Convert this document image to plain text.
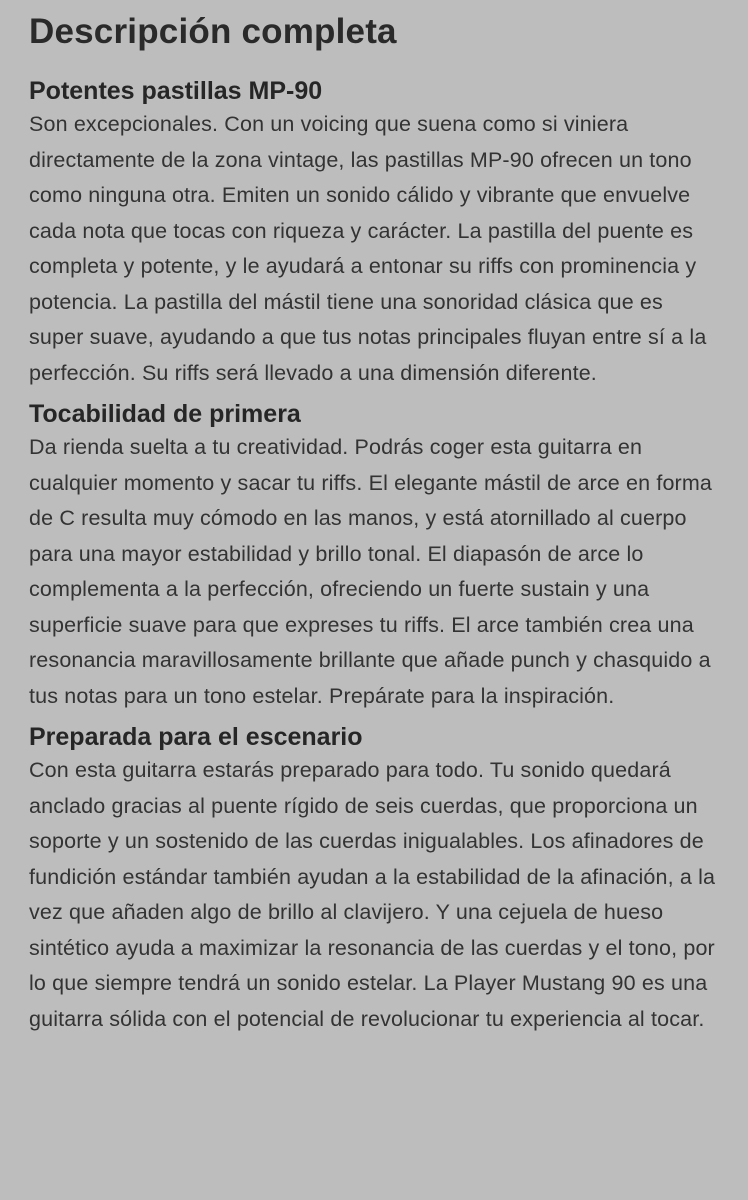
Descripción completa
Potentes pastillas MP-90

Son excepcionales. Con un voicing que suena como si viniera directamente de la zona vintage, las pastillas MP-90 ofrecen un tono como ninguna otra. Emiten un sonido cálido y vibrante que envuelve cada nota que tocas con riqueza y carácter. La pastilla del puente es completa y potente, y le ayudará a entonar su riffs con prominencia y potencia. La pastilla del mástil tiene una sonoridad clásica que es super suave, ayudando a que tus notas principales fluyan entre sí a la perfección. Su riffs será llevado a una dimensión diferente.

Tocabilidad de primera

Da rienda suelta a tu creatividad. Podrás coger esta guitarra en cualquier momento y sacar tu riffs. El elegante mástil de arce en forma de C resulta muy cómodo en las manos, y está atornillado al cuerpo para una mayor estabilidad y brillo tonal. El diapasón de arce lo complementa a la perfección, ofreciendo un fuerte sustain y una superficie suave para que expreses tu riffs. El arce también crea una resonancia maravillosamente brillante que añade punch y chasquido a tus notas para un tono estelar. Prepárate para la inspiración.

Preparada para el escenario

Con esta guitarra estarás preparado para todo. Tu sonido quedará anclado gracias al puente rígido de seis cuerdas, que proporciona un soporte y un sostenido de las cuerdas inigualables. Los afinadores de fundición estándar también ayudan a la estabilidad de la afinación, a la vez que añaden algo de brillo al clavijero. Y una cejuela de hueso sintético ayuda a maximizar la resonancia de las cuerdas y el tono, por lo que siempre tendrá un sonido estelar. La Player Mustang 90 es una guitarra sólida con el potencial de revolucionar tu experiencia al tocar.
